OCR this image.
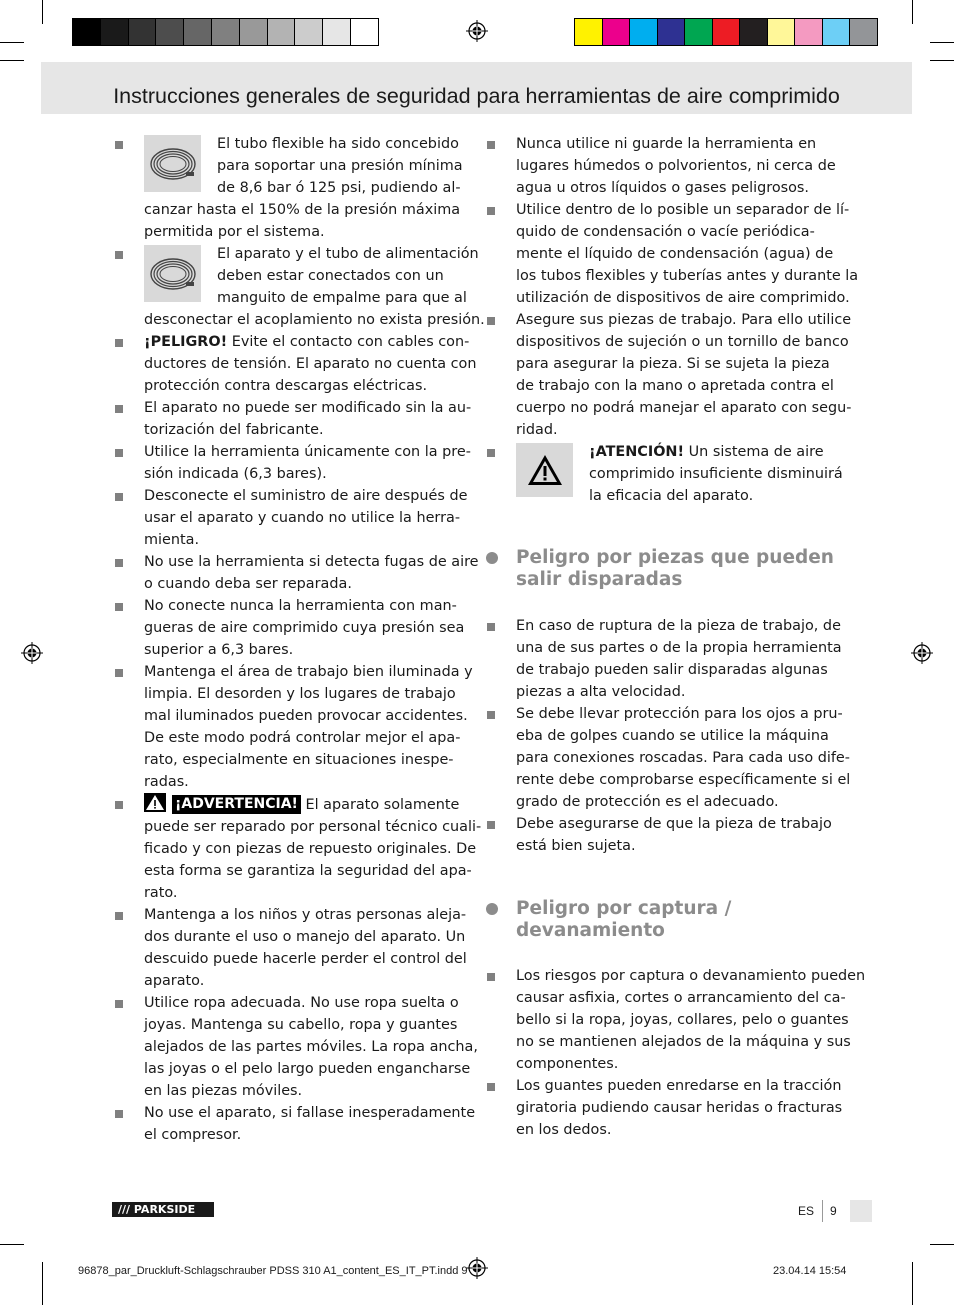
Instrucciones generales de seguridad para herramientas de aire comprimido
El tubo flexible ha sido concebido
para soportar una presión mínima
de 8,6 bar ó 125 psi, pudiendo al-
canzar hasta el 150% de la presión máxima
permitida por el sistema.
El aparato y el tubo de alimentación
deben estar conectados con un
manguito de empalme para que al
desconectar el acoplamiento no exista presión.
¡PELIGRO! Evite el contacto con cables con-
ductores de tensión. El aparato no cuenta con
protección contra descargas eléctricas.
El aparato no puede ser modificado sin la au-
torización del fabricante.
Utilice la herramienta únicamente con la pre-
sión indicada (6,3 bares).
Desconecte el suministro de aire después de
usar el aparato y cuando no utilice la herra-
mienta.
No use la herramienta si detecta fugas de aire
o cuando deba ser reparada.
No conecte nunca la herramienta con man-
gueras de aire comprimido cuya presión sea
superior a 6,3 bares.
Mantenga el área de trabajo bien iluminada y
limpia. El desorden y los lugares de trabajo
mal iluminados pueden provocar accidentes.
De este modo podrá controlar mejor el apa-
rato, especialmente en situaciones inespe-
radas.
¡ADVERTENCIA! El aparato solamente
puede ser reparado por personal técnico cuali-
ficado y con piezas de repuesto originales. De
esta forma se garantiza la seguridad del apa-
rato.
Mantenga a los niños y otras personas aleja-
dos durante el uso o manejo del aparato. Un
descuido puede hacerle perder el control del
aparato.
Utilice ropa adecuada. No use ropa suelta o
joyas. Mantenga su cabello, ropa y guantes
alejados de las partes móviles. La ropa ancha,
las joyas o el pelo largo pueden engancharse
en las piezas móviles.
No use el aparato, si fallase inesperadamente
el compresor.
Nunca utilice ni guarde la herramienta en
lugares húmedos o polvorientos, ni cerca de
agua u otros líquidos o gases peligrosos.
Utilice dentro de lo posible un separador de lí-
quido de condensación o vacíe periódica-
mente el líquido de condensación (agua) de
los tubos flexibles y tuberías antes y durante la
utilización de dispositivos de aire comprimido.
Asegure sus piezas de trabajo. Para ello utilice
dispositivos de sujeción o un tornillo de banco
para asegurar la pieza. Si se sujeta la pieza
de trabajo con la mano o apretada contra el
cuerpo no podrá manejar el aparato con segu-
ridad.
¡ATENCIÓN! Un sistema de aire
comprimido insuficiente disminuirá
la eficacia del aparato.
Peligro por piezas que pueden
salir disparadas
En caso de ruptura de la pieza de trabajo, de
una de sus partes o de la propia herramienta
de trabajo pueden salir disparadas algunas
piezas a alta velocidad.
Se debe llevar protección para los ojos a pru-
eba de golpes cuando se utilice la máquina
para conexiones roscadas. Para cada uso dife-
rente debe comprobarse específicamente si el
grado de protección es el adecuado.
Debe asegurarse de que la pieza de trabajo
está bien sujeta.
Peligro por captura /
devanamiento
Los riesgos por captura o devanamiento pueden
causar asfixia, cortes o arrancamiento del ca-
bello si la ropa, joyas, collares, pelo o guantes
no se mantienen alejados de la máquina y sus
componentes.
Los guantes pueden enredarse en la tracción
giratoria pudiendo causar heridas o fracturas
en los dedos.
/// PARKSIDE	ES 9
96878_par_Druckluft-Schlagschrauber PDSS 310 A1_content_ES_IT_PT.indd 9	23.04.14 15:54
